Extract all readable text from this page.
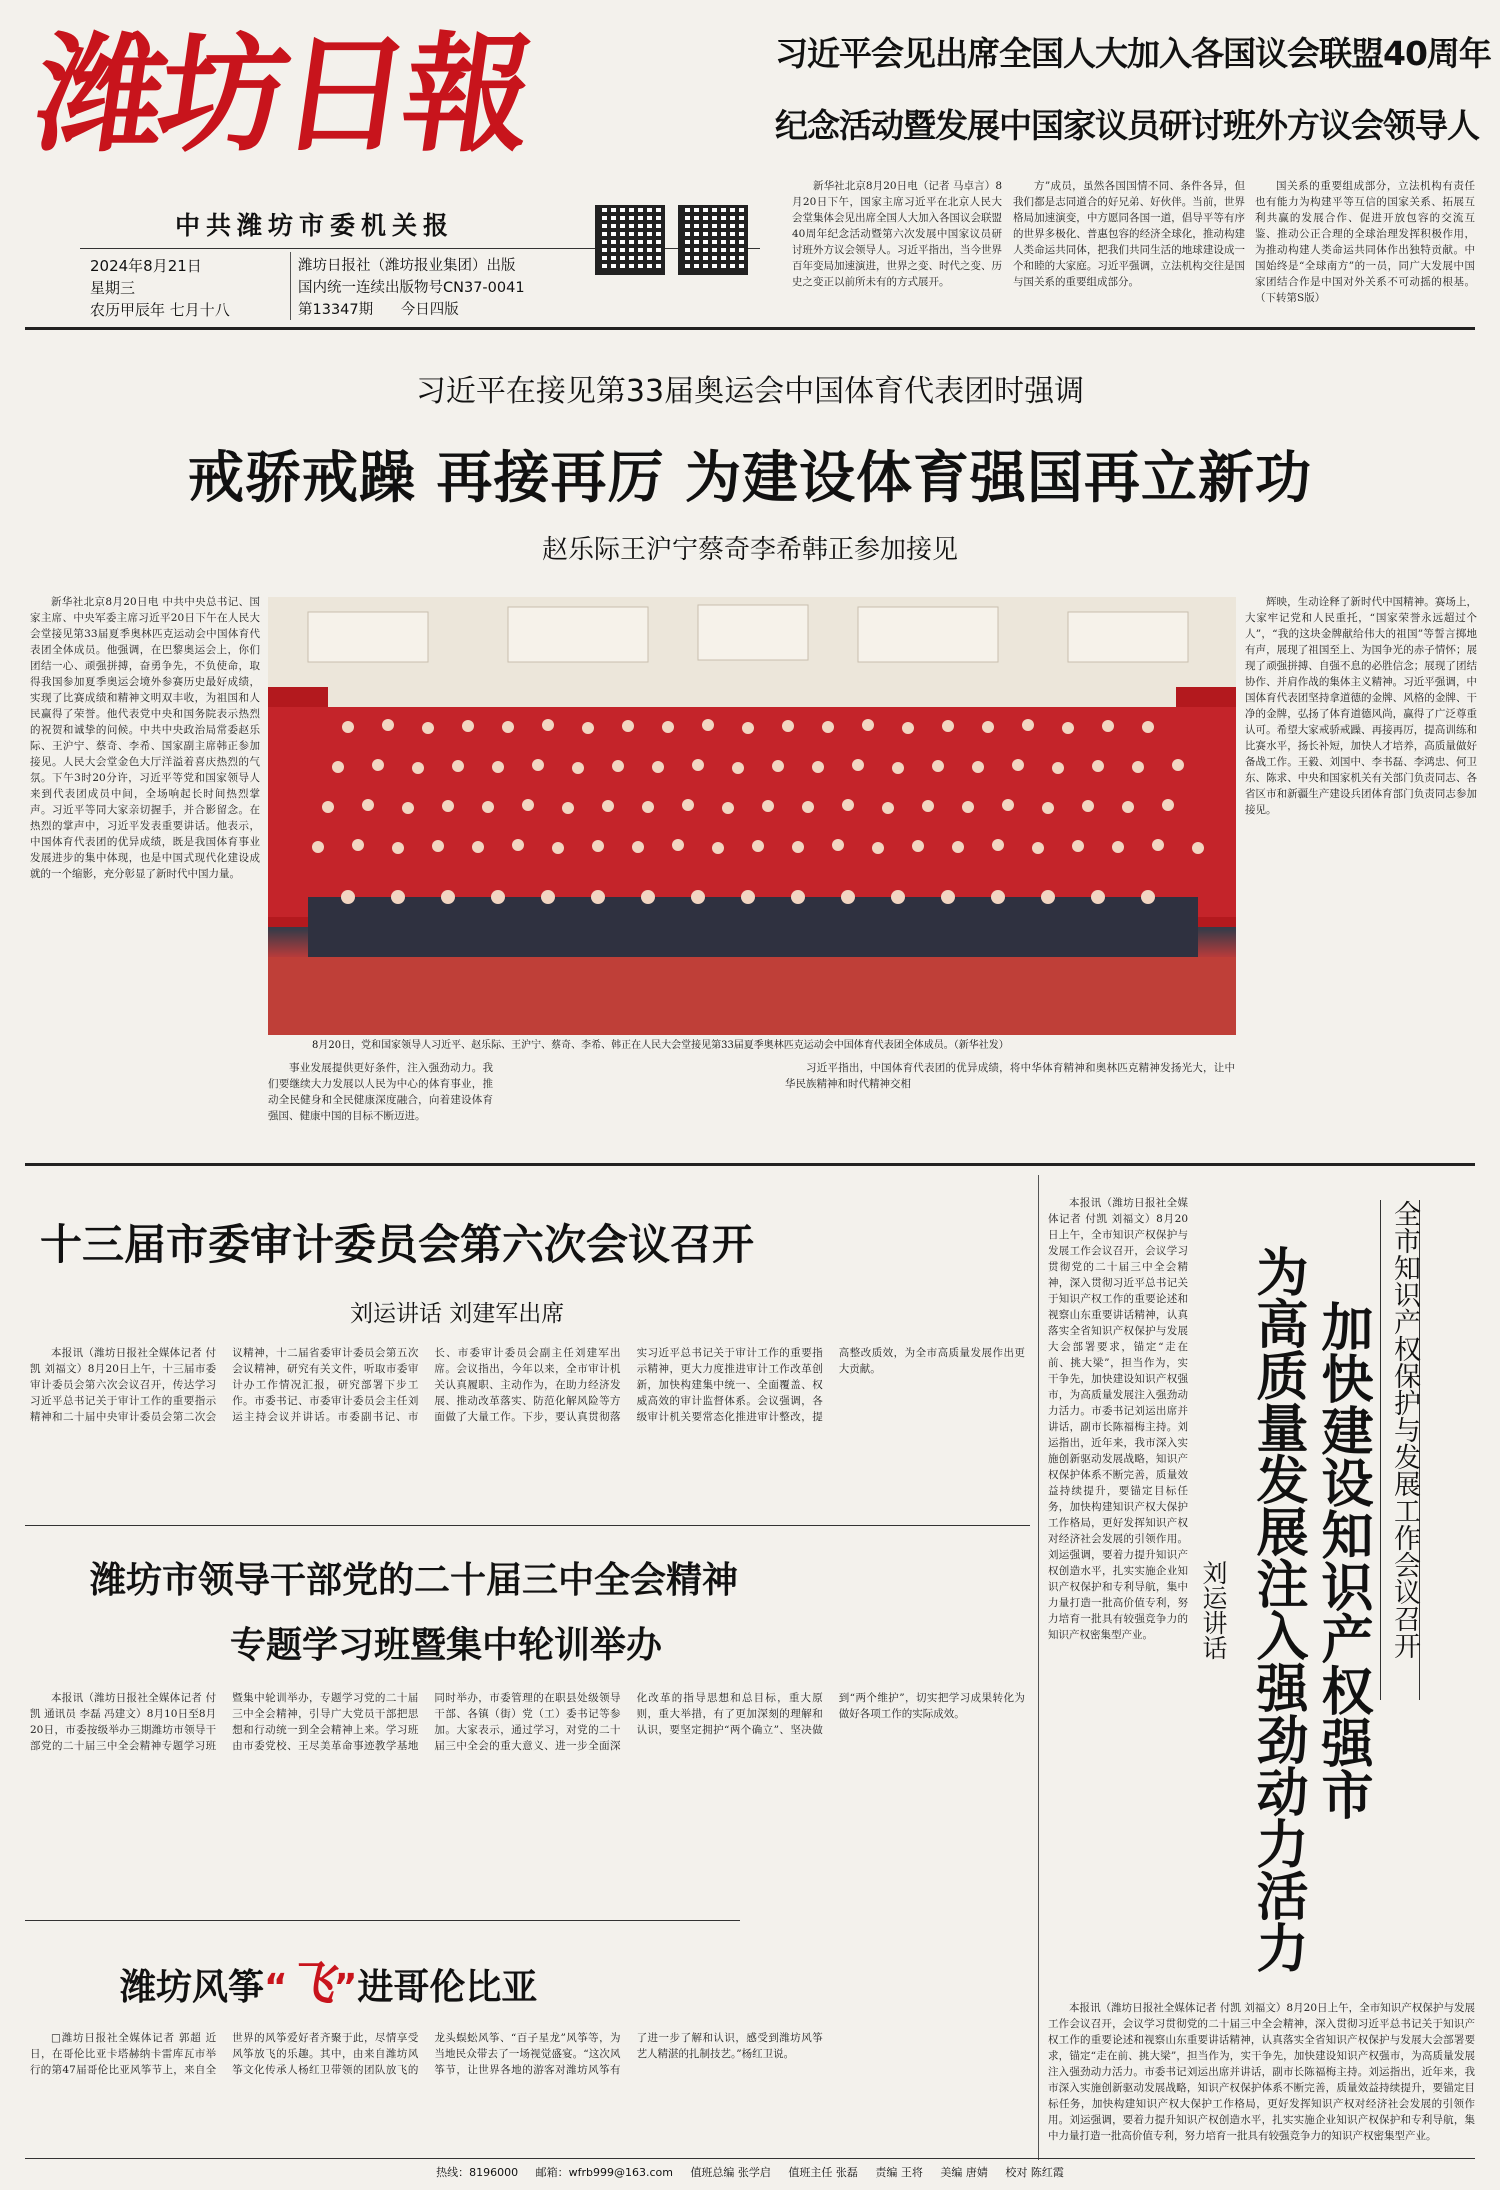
潍坊日報
中共潍坊市委机关报
2024年8月21日
星期三
农历甲辰年 七月十八
潍坊日报社（潍坊报业集团）出版
国内统一连续出版物号CN37-0041
第13347期 今日四版
习近平会见出席全国人大加入各国议会联盟40周年
纪念活动暨发展中国家议员研讨班外方议会领导人

新华社北京8月20日电（记者 马卓言）8月20日下午，国家主席习近平在北京人民大会堂集体会见出席全国人大加入各国议会联盟40周年纪念活动暨第六次发展中国家议员研讨班外方议会领导人。习近平指出，当今世界百年变局加速演进，世界之变、时代之变、历史之变正以前所未有的方式展开。

方”成员，虽然各国国情不同、条件各异，但我们都是志同道合的好兄弟、好伙伴。当前，世界格局加速演变，中方愿同各国一道，倡导平等有序的世界多极化、普惠包容的经济全球化，推动构建人类命运共同体，把我们共同生活的地球建设成一个和睦的大家庭。习近平强调，立法机构交往是国与国关系的重要组成部分。

国关系的重要组成部分，立法机构有责任也有能力为构建平等互信的国家关系、拓展互利共赢的发展合作、促进开放包容的交流互鉴、推动公正合理的全球治理发挥积极作用，为推动构建人类命运共同体作出独特贡献。中国始终是“全球南方”的一员，同广大发展中国家团结合作是中国对外关系不可动摇的根基。（下转第S版）

习近平在接见第33届奥运会中国体育代表团时强调
戒骄戒躁 再接再厉 为建设体育强国再立新功
赵乐际王沪宁蔡奇李希韩正参加接见

新华社北京8月20日电 中共中央总书记、国家主席、中央军委主席习近平20日下午在人民大会堂接见第33届夏季奥林匹克运动会中国体育代表团全体成员。他强调，在巴黎奥运会上，你们团结一心、顽强拼搏，奋勇争先，不负使命，取得我国参加夏季奥运会境外参赛历史最好成绩，实现了比赛成绩和精神文明双丰收，为祖国和人民赢得了荣誉。他代表党中央和国务院表示热烈的祝贺和诚挚的问候。中共中央政治局常委赵乐际、王沪宁、蔡奇、李希、国家副主席韩正参加接见。人民大会堂金色大厅洋溢着喜庆热烈的气氛。下午3时20分许，习近平等党和国家领导人来到代表团成员中间，全场响起长时间热烈掌声。习近平等同大家亲切握手，并合影留念。在热烈的掌声中，习近平发表重要讲话。他表示，中国体育代表团的优异成绩，既是我国体育事业发展进步的集中体现，也是中国式现代化建设成就的一个缩影，充分彰显了新时代中国力量。

辉映，生动诠释了新时代中国精神。赛场上，大家牢记党和人民重托，“国家荣誉永远超过个人”，“我的这块金牌献给伟大的祖国”等誓言掷地有声，展现了祖国至上、为国争光的赤子情怀；展现了顽强拼搏、自强不息的必胜信念；展现了团结协作、并肩作战的集体主义精神。习近平强调，中国体育代表团坚持拿道德的金牌、风格的金牌、干净的金牌，弘扬了体育道德风尚，赢得了广泛尊重认可。希望大家戒骄戒躁、再接再厉，提高训练和比赛水平，扬长补短，加快人才培养，高质量做好备战工作。王毅、刘国中、李书磊、李鸿忠、何卫东、陈求、中央和国家机关有关部门负责同志、各省区市和新疆生产建设兵团体育部门负责同志参加接见。

8月20日，党和国家领导人习近平、赵乐际、王沪宁、蔡奇、李希、韩正在人民大会堂接见第33届夏季奥林匹克运动会中国体育代表团全体成员。（新华社发）

事业发展提供更好条件，注入强劲动力。我们要继续大力发展以人民为中心的体育事业，推动全民健身和全民健康深度融合，向着建设体育强国、健康中国的目标不断迈进。

习近平指出，中国体育代表团的优异成绩，将中华体育精神和奥林匹克精神发扬光大，让中华民族精神和时代精神交相

十三届市委审计委员会第六次会议召开
刘运讲话 刘建军出席

本报讯（潍坊日报社全媒体记者 付凯 刘福文）8月20日上午，十三届市委审计委员会第六次会议召开，传达学习习近平总书记关于审计工作的重要指示精神和二十届中央审计委员会第二次会议精神，十二届省委审计委员会第五次会议精神，研究有关文件，听取市委审计办工作情况汇报，研究部署下步工作。市委书记、市委审计委员会主任刘运主持会议并讲话。市委副书记、市长、市委审计委员会副主任刘建军出席。会议指出，今年以来，全市审计机关认真履职、主动作为，在助力经济发展、推动改革落实、防范化解风险等方面做了大量工作。下步，要认真贯彻落实习近平总书记关于审计工作的重要指示精神，更大力度推进审计工作改革创新，加快构建集中统一、全面覆盖、权威高效的审计监督体系。会议强调，各级审计机关要常态化推进审计整改，提高整改质效，为全市高质量发展作出更大贡献。

潍坊市领导干部党的二十届三中全会精神
专题学习班暨集中轮训举办

本报讯（潍坊日报社全媒体记者 付凯 通讯员 李磊 冯建文）8月10日至8月20日，市委按级举办三期潍坊市领导干部党的二十届三中全会精神专题学习班暨集中轮训举办，专题学习党的二十届三中全会精神，引导广大党员干部把思想和行动统一到全会精神上来。学习班由市委党校、王尽美革命事迹教学基地同时举办，市委管理的在职县处级领导干部、各镇（街）党（工）委书记等参加。大家表示，通过学习，对党的二十届三中全会的重大意义、进一步全面深化改革的指导思想和总目标，重大原则，重大举措，有了更加深刻的理解和认识，要坚定拥护“两个确立”、坚决做到“两个维护”，切实把学习成果转化为做好各项工作的实际成效。

潍坊风筝“飞”进哥伦比亚

□潍坊日报社全媒体记者 郭超 近日，在哥伦比亚卡塔赫纳卡雷库瓦市举行的第47届哥伦比亚风筝节上，来自全世界的风筝爱好者齐聚于此，尽情享受风筝放飞的乐趣。其中，由来自潍坊风筝文化传承人杨红卫带领的团队放飞的龙头蜈蚣风筝、“百子星龙”风筝等，为当地民众带去了一场视觉盛宴。“这次风筝节，让世界各地的游客对潍坊风筝有了进一步了解和认识，感受到潍坊风筝艺人精湛的扎制技艺。”杨红卫说。

全市知识产权保护与发展工作会议召开
加快建设知识产权强市
为高质量发展注入强劲动力活力
刘运讲话

本报讯（潍坊日报社全媒体记者 付凯 刘福文）8月20日上午，全市知识产权保护与发展工作会议召开，会议学习贯彻党的二十届三中全会精神，深入贯彻习近平总书记关于知识产权工作的重要论述和视察山东重要讲话精神，认真落实全省知识产权保护与发展大会部署要求，锚定“走在前、挑大梁”，担当作为，实干争先，加快建设知识产权强市，为高质量发展注入强劲动力活力。市委书记刘运出席并讲话，副市长陈福梅主持。刘运指出，近年来，我市深入实施创新驱动发展战略，知识产权保护体系不断完善，质量效益持续提升，要锚定目标任务，加快构建知识产权大保护工作格局，更好发挥知识产权对经济社会发展的引领作用。刘运强调，要着力提升知识产权创造水平，扎实实施企业知识产权保护和专利导航，集中力量打造一批高价值专利，努力培育一批具有较强竞争力的知识产权密集型产业。

本报讯（潍坊日报社全媒体记者 付凯 刘福文）8月20日上午，全市知识产权保护与发展工作会议召开，会议学习贯彻党的二十届三中全会精神，深入贯彻习近平总书记关于知识产权工作的重要论述和视察山东重要讲话精神，认真落实全省知识产权保护与发展大会部署要求，锚定“走在前、挑大梁”，担当作为，实干争先，加快建设知识产权强市，为高质量发展注入强劲动力活力。市委书记刘运出席并讲话，副市长陈福梅主持。刘运指出，近年来，我市深入实施创新驱动发展战略，知识产权保护体系不断完善，质量效益持续提升，要锚定目标任务，加快构建知识产权大保护工作格局，更好发挥知识产权对经济社会发展的引领作用。刘运强调，要着力提升知识产权创造水平，扎实实施企业知识产权保护和专利导航，集中力量打造一批高价值专利，努力培育一批具有较强竞争力的知识产权密集型产业。

热线：8196000 邮箱：wfrb999@163.com 值班总编 张学启 值班主任 张磊 责编 王将 美编 唐婧 校对 陈红霞
